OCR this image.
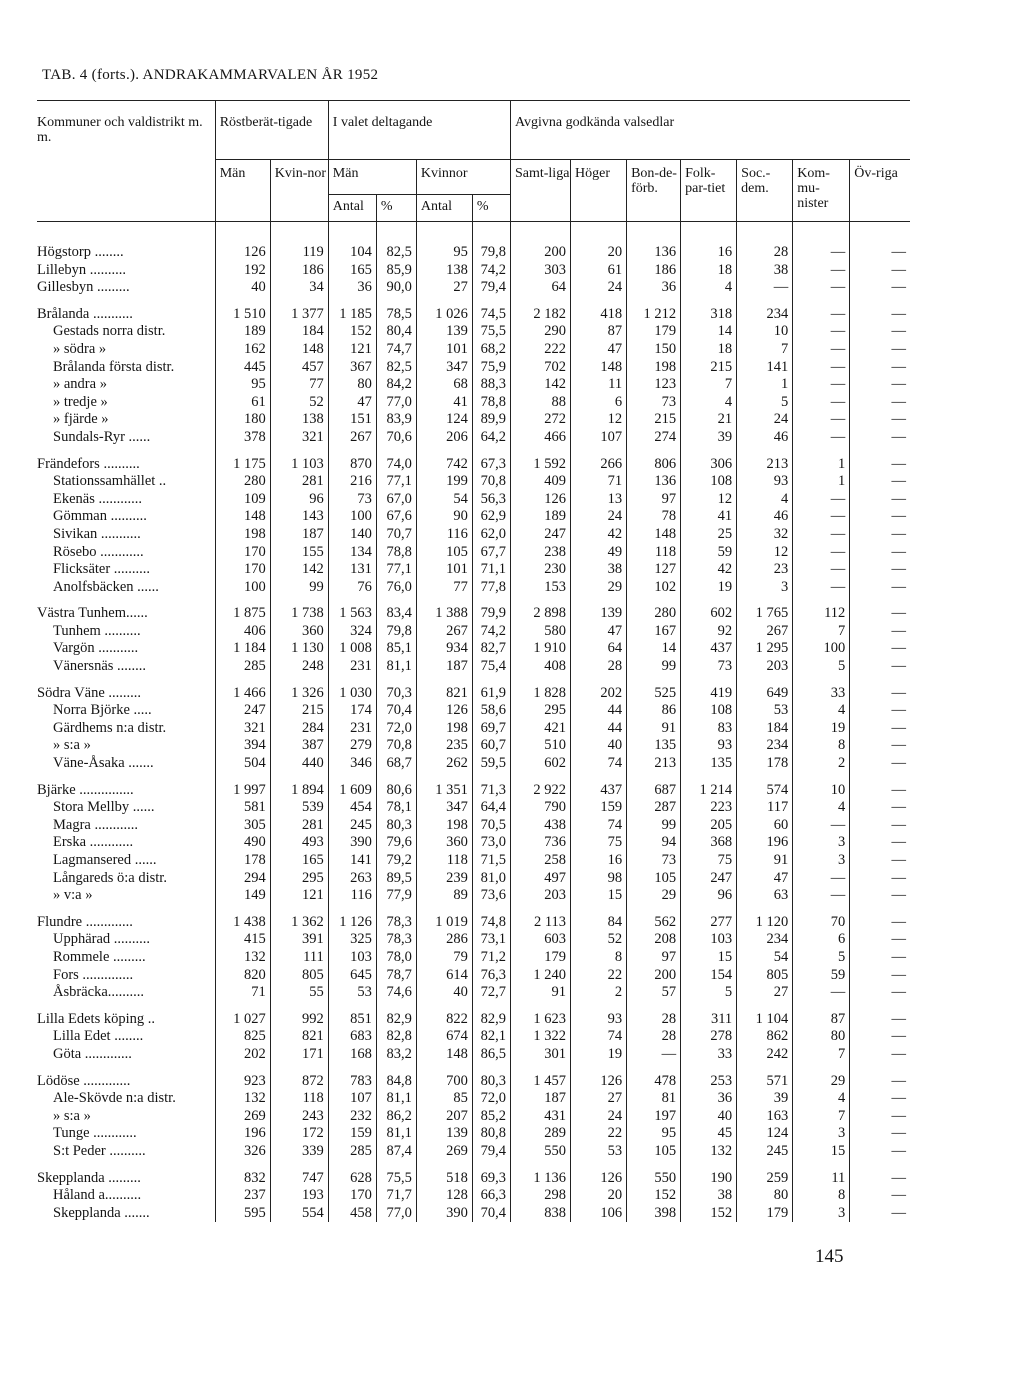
TAB. 4 (forts.). ANDRAKAMMARVALEN ÅR 1952
Kommuner och valdistrikt m. m.	Röstberät-tigade		I valet deltagande				Avgivna godkända valsedlar						
	Män	Kvin-nor	Män		Kvinnor		Samt-liga	Höger	Bon-de-förb.	Folk-par-tiet	Soc.-dem.	Kom-mu-nister	Öv-riga
			Antal	%	Antal	%							
Högstorp ........	126	119	104	82,5	95	79,8	200	20	136	16	28	—	—
Lillebyn ..........	192	186	165	85,9	138	74,2	303	61	186	18	38	—	—
Gillesbyn .........	40	34	36	90,0	27	79,4	64	24	36	4	—	—	—
Brålanda ...........	1 510	1 377	1 185	78,5	1 026	74,5	2 182	418	1 212	318	234	—	—
Gestads norra distr.	189	184	152	80,4	139	75,5	290	87	179	14	10	—	—
» södra »	162	148	121	74,7	101	68,2	222	47	150	18	7	—	—
Brålanda första distr.	445	457	367	82,5	347	75,9	702	148	198	215	141	—	—
» andra »	95	77	80	84,2	68	88,3	142	11	123	7	1	—	—
» tredje »	61	52	47	77,0	41	78,8	88	6	73	4	5	—	—
» fjärde »	180	138	151	83,9	124	89,9	272	12	215	21	24	—	—
Sundals-Ryr ......	378	321	267	70,6	206	64,2	466	107	274	39	46	—	—
Frändefors ..........	1 175	1 103	870	74,0	742	67,3	1 592	266	806	306	213	1	—
Stationssamhället ..	280	281	216	77,1	199	70,8	409	71	136	108	93	1	—
Ekenäs ............	109	96	73	67,0	54	56,3	126	13	97	12	4	—	—
Gömman ..........	148	143	100	67,6	90	62,9	189	24	78	41	46	—	—
Sivikan ...........	198	187	140	70,7	116	62,0	247	42	148	25	32	—	—
Rösebo ............	170	155	134	78,8	105	67,7	238	49	118	59	12	—	—
Flicksäter ..........	170	142	131	77,1	101	71,1	230	38	127	42	23	—	—
Anolfsbäcken ......	100	99	76	76,0	77	77,8	153	29	102	19	3	—	—
Västra Tunhem......	1 875	1 738	1 563	83,4	1 388	79,9	2 898	139	280	602	1 765	112	—
Tunhem ..........	406	360	324	79,8	267	74,2	580	47	167	92	267	7	—
Vargön ...........	1 184	1 130	1 008	85,1	934	82,7	1 910	64	14	437	1 295	100	—
Vänersnäs ........	285	248	231	81,1	187	75,4	408	28	99	73	203	5	—
Södra Väne .........	1 466	1 326	1 030	70,3	821	61,9	1 828	202	525	419	649	33	—
Norra Björke .....	247	215	174	70,4	126	58,6	295	44	86	108	53	4	—
Gärdhems n:a distr.	321	284	231	72,0	198	69,7	421	44	91	83	184	19	—
» s:a »	394	387	279	70,8	235	60,7	510	40	135	93	234	8	—
Väne-Åsaka .......	504	440	346	68,7	262	59,5	602	74	213	135	178	2	—
Bjärke ...............	1 997	1 894	1 609	80,6	1 351	71,3	2 922	437	687	1 214	574	10	—
Stora Mellby ......	581	539	454	78,1	347	64,4	790	159	287	223	117	4	—
Magra ............	305	281	245	80,3	198	70,5	438	74	99	205	60	—	—
Erska ............	490	493	390	79,6	360	73,0	736	75	94	368	196	3	—
Lagmansered ......	178	165	141	79,2	118	71,5	258	16	73	75	91	3	—
Långareds ö:a distr.	294	295	263	89,5	239	81,0	497	98	105	247	47	—	—
» v:a »	149	121	116	77,9	89	73,6	203	15	29	96	63	—	—
Flundre .............	1 438	1 362	1 126	78,3	1 019	74,8	2 113	84	562	277	1 120	70	—
Upphärad ..........	415	391	325	78,3	286	73,1	603	52	208	103	234	6	—
Rommele .........	132	111	103	78,0	79	71,2	179	8	97	15	54	5	—
Fors ..............	820	805	645	78,7	614	76,3	1 240	22	200	154	805	59	—
Åsbräcka..........	71	55	53	74,6	40	72,7	91	2	57	5	27	—	—
Lilla Edets köping ..	1 027	992	851	82,9	822	82,9	1 623	93	28	311	1 104	87	—
Lilla Edet ........	825	821	683	82,8	674	82,1	1 322	74	28	278	862	80	—
Göta .............	202	171	168	83,2	148	86,5	301	19	—	33	242	7	—
Lödöse .............	923	872	783	84,8	700	80,3	1 457	126	478	253	571	29	—
Ale-Skövde n:a distr.	132	118	107	81,1	85	72,0	187	27	81	36	39	4	—
» s:a »	269	243	232	86,2	207	85,2	431	24	197	40	163	7	—
Tunge ............	196	172	159	81,1	139	80,8	289	22	95	45	124	3	—
S:t Peder ..........	326	339	285	87,4	269	79,4	550	53	105	132	245	15	—
Skepplanda .........	832	747	628	75,5	518	69,3	1 136	126	550	190	259	11	—
Håland a..........	237	193	170	71,7	128	66,3	298	20	152	38	80	8	—
Skepplanda .......	595	554	458	77,0	390	70,4	838	106	398	152	179	3	—
145
